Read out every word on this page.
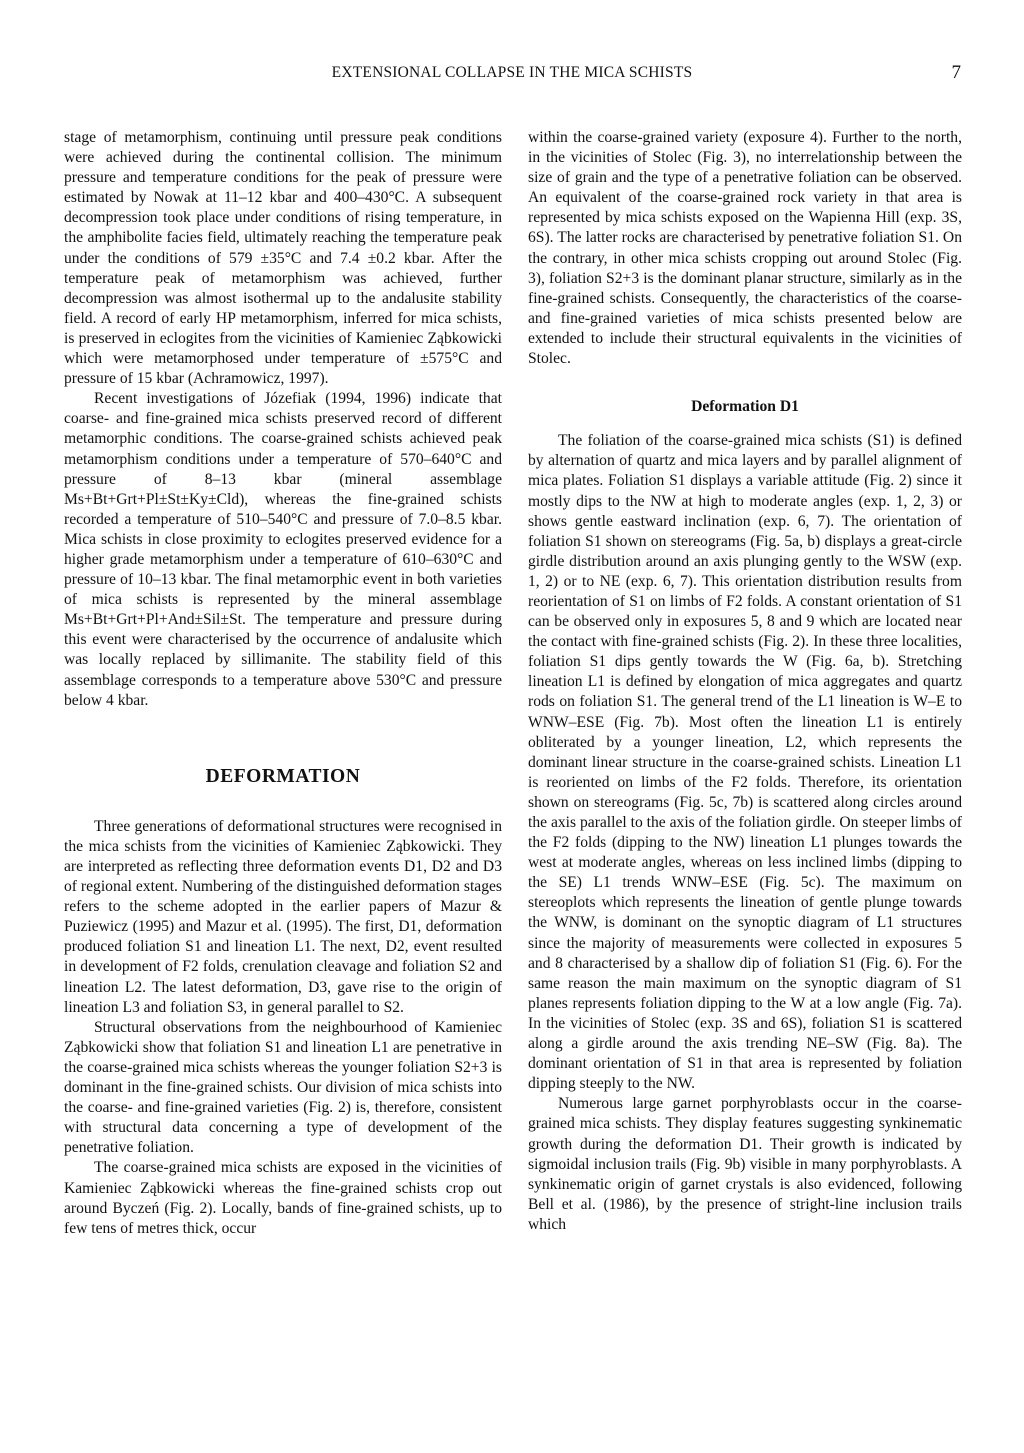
EXTENSIONAL COLLAPSE IN THE MICA SCHISTS	7

stage of metamorphism, continuing until pressure peak conditions were achieved during the continental collision. The minimum pressure and temperature conditions for the peak of pressure were estimated by Nowak at 11–12 kbar and 400–430°C. A subsequent decompression took place under conditions of rising temperature, in the amphibolite facies field, ultimately reaching the temperature peak under the conditions of 579 ±35°C and 7.4 ±0.2 kbar. After the temperature peak of metamorphism was achieved, further decompression was almost isothermal up to the andalusite stability field. A record of early HP metamorphism, inferred for mica schists, is preserved in eclogites from the vicinities of Kamieniec Ząbkowicki which were metamorphosed under temperature of ±575°C and pressure of 15 kbar (Achramowicz, 1997).

Recent investigations of Józefiak (1994, 1996) indicate that coarse- and fine-grained mica schists preserved record of different metamorphic conditions. The coarse-grained schists achieved peak metamorphism conditions under a temperature of 570–640°C and pressure of 8–13 kbar (mineral assemblage Ms+Bt+Grt+Pl±St±Ky±Cld), whereas the fine-grained schists recorded a temperature of 510–540°C and pressure of 7.0–8.5 kbar. Mica schists in close proximity to eclogites preserved evidence for a higher grade metamorphism under a temperature of 610–630°C and pressure of 10–13 kbar. The final metamorphic event in both varieties of mica schists is represented by the mineral assemblage Ms+Bt+Grt+Pl+And±Sil±St. The temperature and pressure during this event were characterised by the occurrence of andalusite which was locally replaced by sillimanite. The stability field of this assemblage corresponds to a temperature above 530°C and pressure below 4 kbar.

DEFORMATION

Three generations of deformational structures were recognised in the mica schists from the vicinities of Kamieniec Ząbkowicki. They are interpreted as reflecting three deformation events D1, D2 and D3 of regional extent. Numbering of the distinguished deformation stages refers to the scheme adopted in the earlier papers of Mazur & Puziewicz (1995) and Mazur et al. (1995). The first, D1, deformation produced foliation S1 and lineation L1. The next, D2, event resulted in development of F2 folds, crenulation cleavage and foliation S2 and lineation L2. The latest deformation, D3, gave rise to the origin of lineation L3 and foliation S3, in general parallel to S2.

Structural observations from the neighbourhood of Kamieniec Ząbkowicki show that foliation S1 and lineation L1 are penetrative in the coarse-grained mica schists whereas the younger foliation S2+3 is dominant in the fine-grained schists. Our division of mica schists into the coarse- and fine-grained varieties (Fig. 2) is, therefore, consistent with structural data concerning a type of development of the penetrative foliation.

The coarse-grained mica schists are exposed in the vicinities of Kamieniec Ząbkowicki whereas the fine-grained schists crop out around Byczeń (Fig. 2). Locally, bands of fine-grained schists, up to few tens of metres thick, occur

within the coarse-grained variety (exposure 4). Further to the north, in the vicinities of Stolec (Fig. 3), no interrelationship between the size of grain and the type of a penetrative foliation can be observed. An equivalent of the coarse-grained rock variety in that area is represented by mica schists exposed on the Wapienna Hill (exp. 3S, 6S). The latter rocks are characterised by penetrative foliation S1. On the contrary, in other mica schists cropping out around Stolec (Fig. 3), foliation S2+3 is the dominant planar structure, similarly as in the fine-grained schists. Consequently, the characteristics of the coarse- and fine-grained varieties of mica schists presented below are extended to include their structural equivalents in the vicinities of Stolec.

Deformation D1

The foliation of the coarse-grained mica schists (S1) is defined by alternation of quartz and mica layers and by parallel alignment of mica plates. Foliation S1 displays a variable attitude (Fig. 2) since it mostly dips to the NW at high to moderate angles (exp. 1, 2, 3) or shows gentle eastward inclination (exp. 6, 7). The orientation of foliation S1 shown on stereograms (Fig. 5a, b) displays a great-circle girdle distribution around an axis plunging gently to the WSW (exp. 1, 2) or to NE (exp. 6, 7). This orientation distribution results from reorientation of S1 on limbs of F2 folds. A constant orientation of S1 can be observed only in exposures 5, 8 and 9 which are located near the contact with fine-grained schists (Fig. 2). In these three localities, foliation S1 dips gently towards the W (Fig. 6a, b). Stretching lineation L1 is defined by elongation of mica aggregates and quartz rods on foliation S1. The general trend of the L1 lineation is W–E to WNW–ESE (Fig. 7b). Most often the lineation L1 is entirely obliterated by a younger lineation, L2, which represents the dominant linear structure in the coarse-grained schists. Lineation L1 is reoriented on limbs of the F2 folds. Therefore, its orientation shown on stereograms (Fig. 5c, 7b) is scattered along circles around the axis parallel to the axis of the foliation girdle. On steeper limbs of the F2 folds (dipping to the NW) lineation L1 plunges towards the west at moderate angles, whereas on less inclined limbs (dipping to the SE) L1 trends WNW–ESE (Fig. 5c). The maximum on stereoplots which represents the lineation of gentle plunge towards the WNW, is dominant on the synoptic diagram of L1 structures since the majority of measurements were collected in exposures 5 and 8 characterised by a shallow dip of foliation S1 (Fig. 6). For the same reason the main maximum on the synoptic diagram of S1 planes represents foliation dipping to the W at a low angle (Fig. 7a). In the vicinities of Stolec (exp. 3S and 6S), foliation S1 is scattered along a girdle around the axis trending NE–SW (Fig. 8a). The dominant orientation of S1 in that area is represented by foliation dipping steeply to the NW.

Numerous large garnet porphyroblasts occur in the coarse-grained mica schists. They display features suggesting synkinematic growth during the deformation D1. Their growth is indicated by sigmoidal inclusion trails (Fig. 9b) visible in many porphyroblasts. A synkinematic origin of garnet crystals is also evidenced, following Bell et al. (1986), by the presence of stright-line inclusion trails which
